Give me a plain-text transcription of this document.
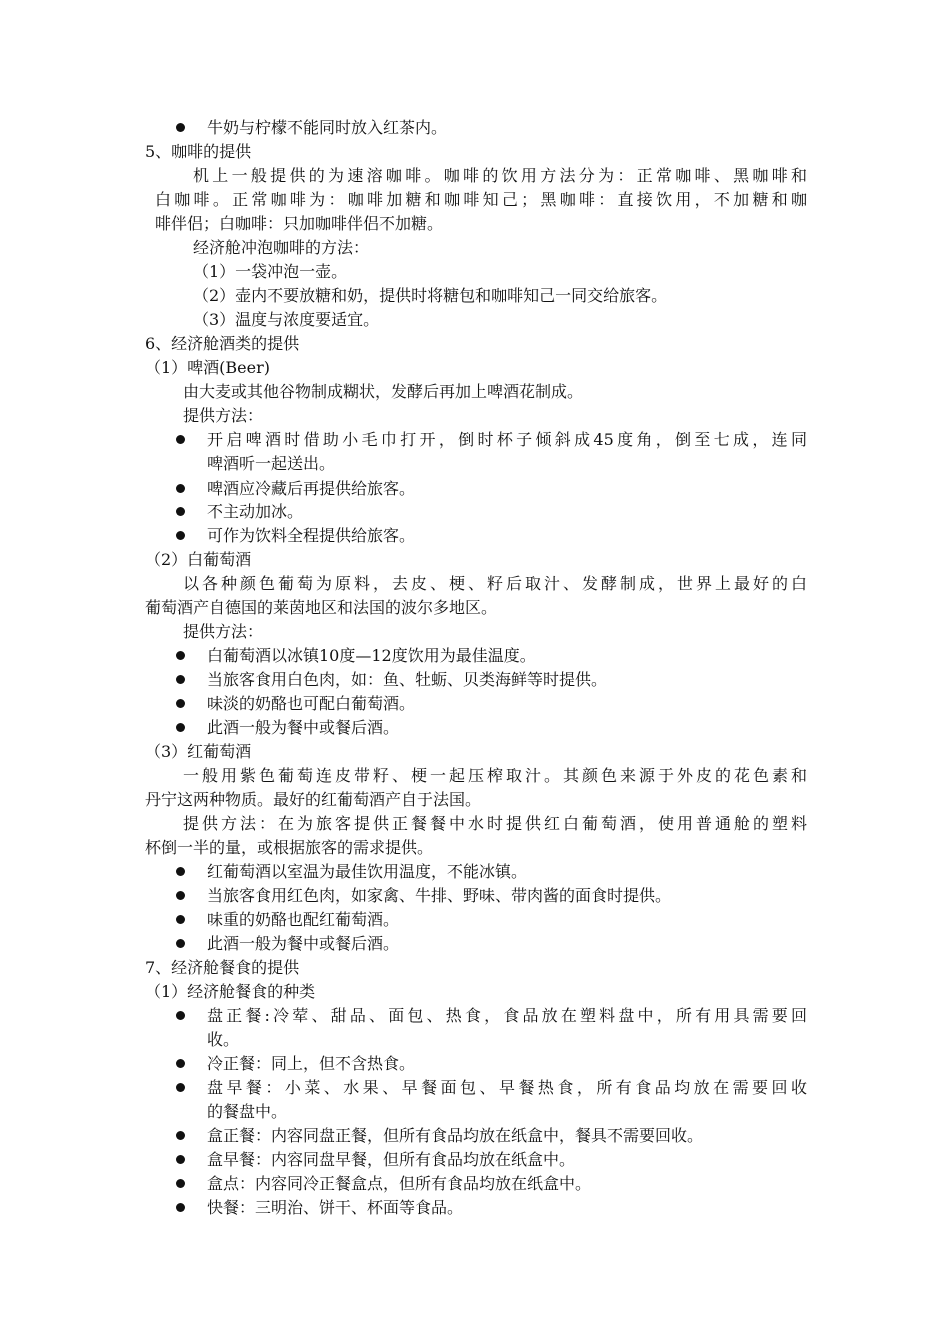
牛奶与柠檬不能同时放入红茶内。
5、咖啡的提供
机上一般提供的为速溶咖啡。咖啡的饮用方法分为：正常咖啡、黑咖啡和
白咖啡。正常咖啡为：咖啡加糖和咖啡知己；黑咖啡：直接饮用，不加糖和咖
啡伴侣；白咖啡：只加咖啡伴侣不加糖。
经济舱冲泡咖啡的方法：
（1）一袋冲泡一壶。
（2）壶内不要放糖和奶，提供时将糖包和咖啡知己一同交给旅客。
（3）温度与浓度要适宜。
6、经济舱酒类的提供
（1）啤酒(Beer)
由大麦或其他谷物制成糊状，发酵后再加上啤酒花制成。
提供方法：
开启啤酒时借助小毛巾打开，倒时杯子倾斜成45度角，倒至七成，连同
啤酒听一起送出。
啤酒应冷藏后再提供给旅客。
不主动加冰。
可作为饮料全程提供给旅客。
（2）白葡萄酒
以各种颜色葡萄为原料，去皮、梗、籽后取汁、发酵制成，世界上最好的白
葡萄酒产自德国的莱茵地区和法国的波尔多地区。
提供方法：
白葡萄酒以冰镇10度—12度饮用为最佳温度。
当旅客食用白色肉，如：鱼、牡蛎、贝类海鲜等时提供。
味淡的奶酪也可配白葡萄酒。
此酒一般为餐中或餐后酒。
（3）红葡萄酒
一般用紫色葡萄连皮带籽、梗一起压榨取汁。其颜色来源于外皮的花色素和
丹宁这两种物质。最好的红葡萄酒产自于法国。
提供方法：在为旅客提供正餐餐中水时提供红白葡萄酒，使用普通舱的塑料
杯倒一半的量，或根据旅客的需求提供。
红葡萄酒以室温为最佳饮用温度，不能冰镇。
当旅客食用红色肉，如家禽、牛排、野味、带肉酱的面食时提供。
味重的奶酪也配红葡萄酒。
此酒一般为餐中或餐后酒。
7、经济舱餐食的提供
（1）经济舱餐食的种类
盘正餐:冷荤、甜品、面包、热食，食品放在塑料盘中，所有用具需要回
收。
冷正餐：同上，但不含热食。
盘早餐：小菜、水果、早餐面包、早餐热食，所有食品均放在需要回收
的餐盘中。
盒正餐：内容同盘正餐，但所有食品均放在纸盒中，餐具不需要回收。
盒早餐：内容同盘早餐，但所有食品均放在纸盒中。
盒点：内容同冷正餐盒点，但所有食品均放在纸盒中。
快餐：三明治、饼干、杯面等食品。
